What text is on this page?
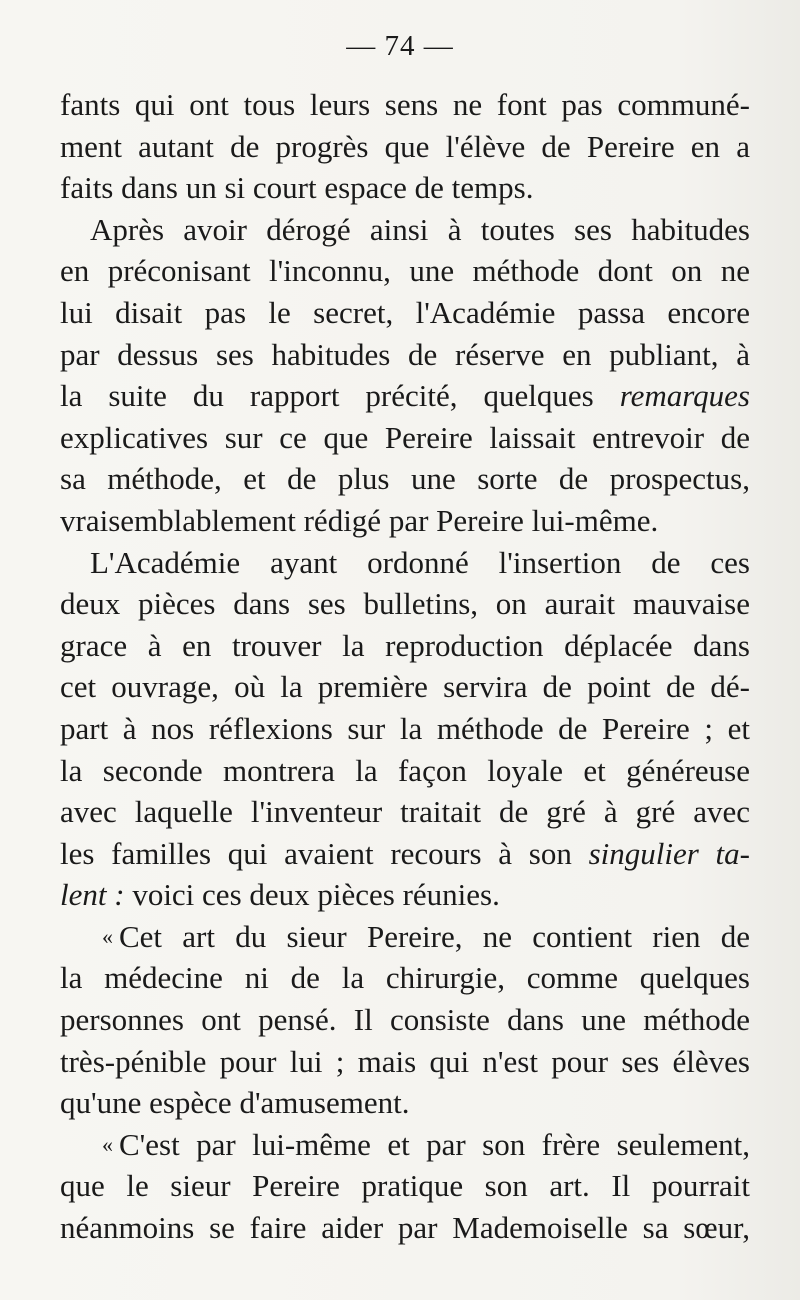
— 74 —
fants qui ont tous leurs sens ne font pas communé-
ment autant de progrès que l'élève de Pereire en a
faits dans un si court espace de temps.
Après avoir dérogé ainsi à toutes ses habitudes
en préconisant l'inconnu, une méthode dont on ne
lui disait pas le secret, l'Académie passa encore
par dessus ses habitudes de réserve en publiant, à
la suite du rapport précité, quelques remarques
explicatives sur ce que Pereire laissait entrevoir de
sa méthode, et de plus une sorte de prospectus,
vraisemblablement rédigé par Pereire lui-même.
L'Académie ayant ordonné l'insertion de ces
deux pièces dans ses bulletins, on aurait mauvaise
grace à en trouver la reproduction déplacée dans
cet ouvrage, où la première servira de point de dé-
part à nos réflexions sur la méthode de Pereire ; et
la seconde montrera la façon loyale et généreuse
avec laquelle l'inventeur traitait de gré à gré avec
les familles qui avaient recours à son singulier ta-
lent : voici ces deux pièces réunies.
« Cet art du sieur Pereire, ne contient rien de
la médecine ni de la chirurgie, comme quelques
personnes ont pensé. Il consiste dans une méthode
très-pénible pour lui ; mais qui n'est pour ses élèves
qu'une espèce d'amusement.
« C'est par lui-même et par son frère seulement,
que le sieur Pereire pratique son art. Il pourrait
néanmoins se faire aider par Mademoiselle sa sœur,
